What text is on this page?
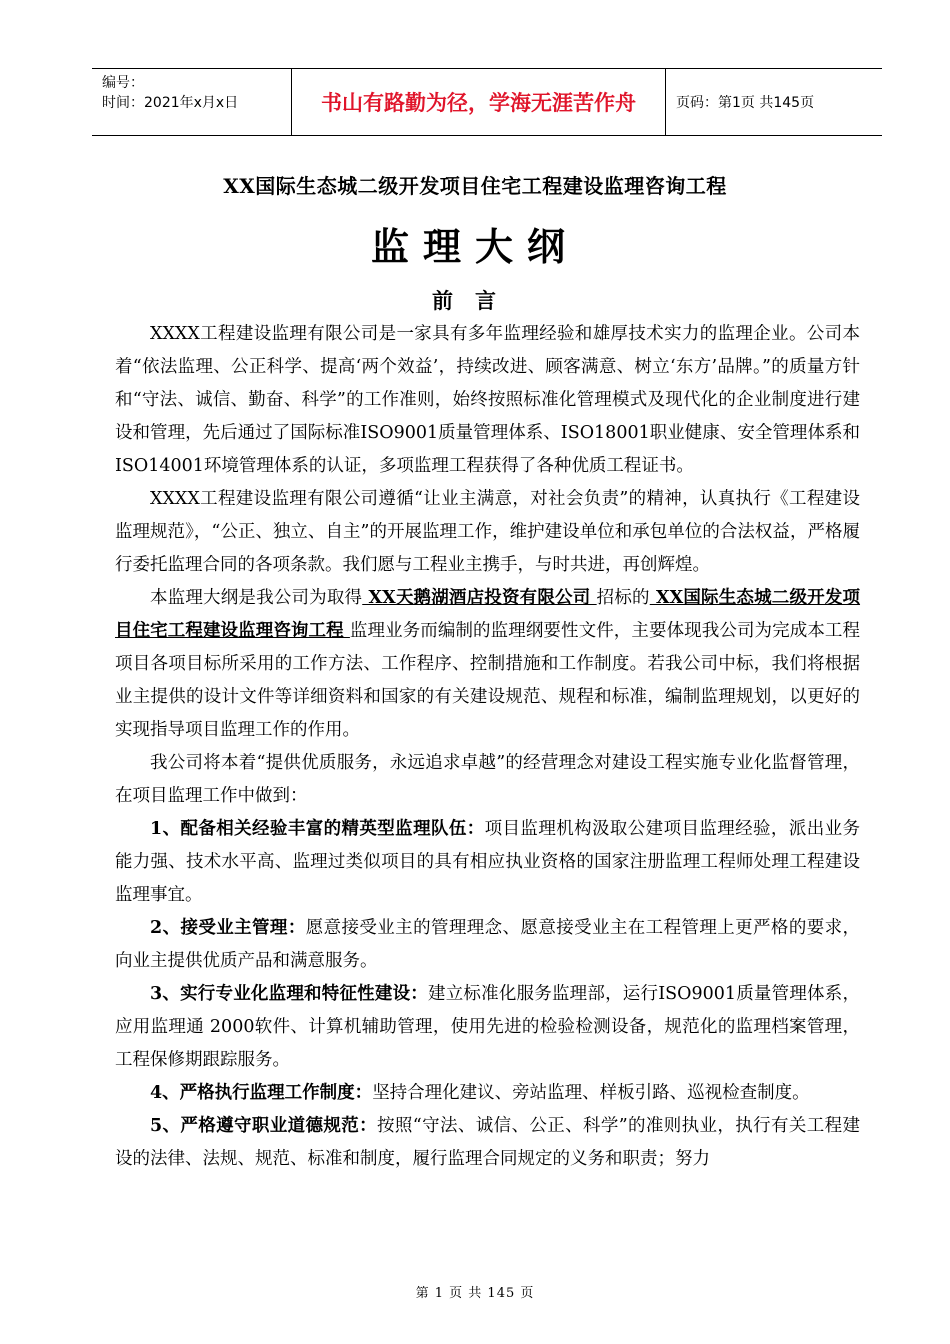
编号：
时间：2021年x月x日	书山有路勤为径，学海无涯苦作舟	页码：第1页 共145页
XX国际生态城二级开发项目住宅工程建设监理咨询工程
监理大纲
前言

XXXX工程建设监理有限公司是一家具有多年监理经验和雄厚技术实力的监理企业。公司本着“依法监理、公正科学、提高‘两个效益’，持续改进、顾客满意、树立‘东方’品牌。”的质量方针和“守法、诚信、勤奋、科学”的工作准则，始终按照标准化管理模式及现代化的企业制度进行建设和管理，先后通过了国际标准ISO9001质量管理体系、ISO18001职业健康、安全管理体系和ISO14001环境管理体系的认证，多项监理工程获得了各种优质工程证书。

XXXX工程建设监理有限公司遵循“让业主满意，对社会负责”的精神，认真执行《工程建设监理规范》，“公正、独立、自主”的开展监理工作，维护建设单位和承包单位的合法权益，严格履行委托监理合同的各项条款。我们愿与工程业主携手，与时共进，再创辉煌。

本监理大纲是我公司为取得 XX天鹅湖酒店投资有限公司 招标的 XX国际生态城二级开发项目住宅工程建设监理咨询工程 监理业务而编制的监理纲要性文件，主要体现我公司为完成本工程项目各项目标所采用的工作方法、工作程序、控制措施和工作制度。若我公司中标，我们将根据业主提供的设计文件等详细资料和国家的有关建设规范、规程和标准，编制监理规划，以更好的实现指导项目监理工作的作用。

我公司将本着“提供优质服务，永远追求卓越”的经营理念对建设工程实施专业化监督管理，在项目监理工作中做到：

1、配备相关经验丰富的精英型监理队伍：项目监理机构汲取公建项目监理经验，派出业务能力强、技术水平高、监理过类似项目的具有相应执业资格的国家注册监理工程师处理工程建设监理事宜。

2、接受业主管理：愿意接受业主的管理理念、愿意接受业主在工程管理上更严格的要求，向业主提供优质产品和满意服务。

3、实行专业化监理和特征性建设：建立标准化服务监理部，运行ISO9001质量管理体系，应用监理通 2000软件、计算机辅助管理，使用先进的检验检测设备，规范化的监理档案管理，工程保修期跟踪服务。

4、严格执行监理工作制度：坚持合理化建议、旁站监理、样板引路、巡视检查制度。

5、严格遵守职业道德规范：按照“守法、诚信、公正、科学”的准则执业，执行有关工程建设的法律、法规、规范、标准和制度，履行监理合同规定的义务和职责；努力

第 1 页 共 145 页
